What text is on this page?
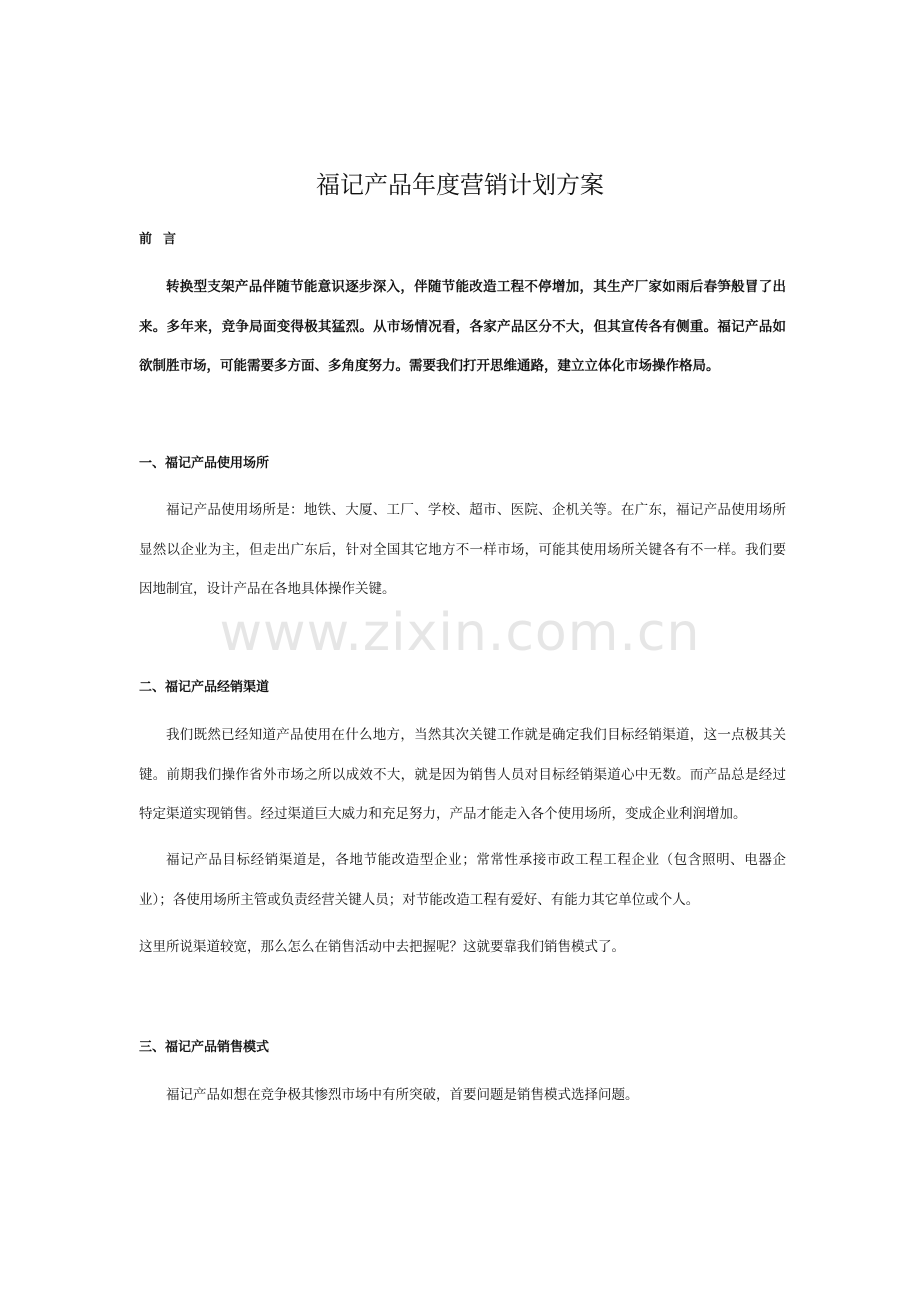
福记产品年度营销计划方案
前言

转换型支架产品伴随节能意识逐步深入，伴随节能改造工程不停增加，其生产厂家如雨后春笋般冒了出来。多年来，竞争局面变得极其猛烈。从市场情况看，各家产品区分不大，但其宣传各有侧重。福记产品如欲制胜市场，可能需要多方面、多角度努力。需要我们打开思维通路，建立立体化市场操作格局。

一、福记产品使用场所

福记产品使用场所是：地铁、大厦、工厂、学校、超市、医院、企机关等。在广东，福记产品使用场所显然以企业为主，但走出广东后，针对全国其它地方不一样市场，可能其使用场所关键各有不一样。我们要因地制宜，设计产品在各地具体操作关键。

www.zixin.com.cn
二、福记产品经销渠道

我们既然已经知道产品使用在什么地方，当然其次关键工作就是确定我们目标经销渠道，这一点极其关键。前期我们操作省外市场之所以成效不大，就是因为销售人员对目标经销渠道心中无数。而产品总是经过特定渠道实现销售。经过渠道巨大威力和充足努力，产品才能走入各个使用场所，变成企业利润增加。

福记产品目标经销渠道是，各地节能改造型企业；常常性承接市政工程工程企业（包含照明、电器企业）；各使用场所主管或负责经营关键人员；对节能改造工程有爱好、有能力其它单位或个人。

这里所说渠道较宽，那么怎么在销售活动中去把握呢？这就要靠我们销售模式了。

三、福记产品销售模式

福记产品如想在竞争极其惨烈市场中有所突破，首要问题是销售模式选择问题。
